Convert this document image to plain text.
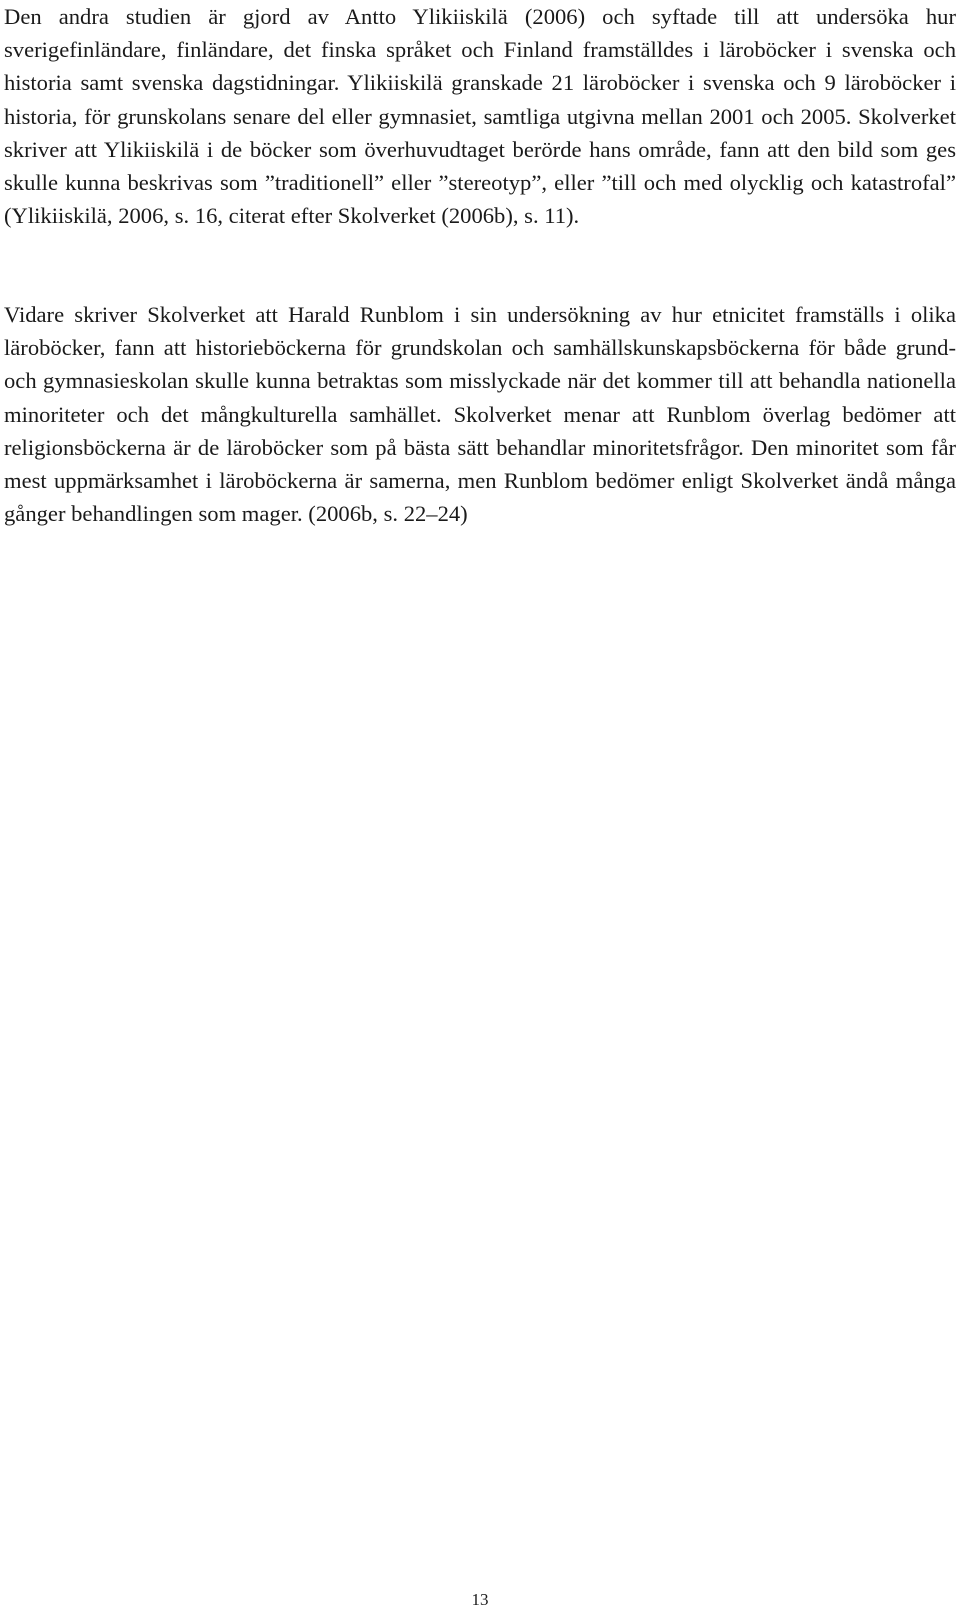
Den andra studien är gjord av Antto Ylikiiskilä (2006) och syftade till att undersöka hur sverigefinländare, finländare, det finska språket och Finland framställdes i läroböcker i svenska och historia samt svenska dagstidningar. Ylikiiskilä granskade 21 läroböcker i svenska och 9 läroböcker i historia, för grunskolans senare del eller gymnasiet, samtliga utgivna mellan 2001 och 2005. Skolverket skriver att Ylikiiskilä i de böcker som överhuvudtaget berörde hans område, fann att den bild som ges skulle kunna beskrivas som ”traditionell” eller ”stereotyp”, eller ”till och med olycklig och katastrofal” (Ylikiiskilä, 2006, s. 16, citerat efter Skolverket (2006b), s. 11).

Vidare skriver Skolverket att Harald Runblom i sin undersökning av hur etnicitet framställs i olika läroböcker, fann att historieböckerna för grundskolan och samhällskunskapsböckerna för både grund- och gymnasieskolan skulle kunna betraktas som misslyckade när det kommer till att behandla nationella minoriteter och det mångkulturella samhället. Skolverket menar att Runblom överlag bedömer att religionsböckerna är de läroböcker som på bästa sätt behandlar minoritetsfrågor. Den minoritet som får mest uppmärksamhet i läroböckerna är samerna, men Runblom bedömer enligt Skolverket ändå många gånger behandlingen som mager. (2006b, s. 22–24)

13
